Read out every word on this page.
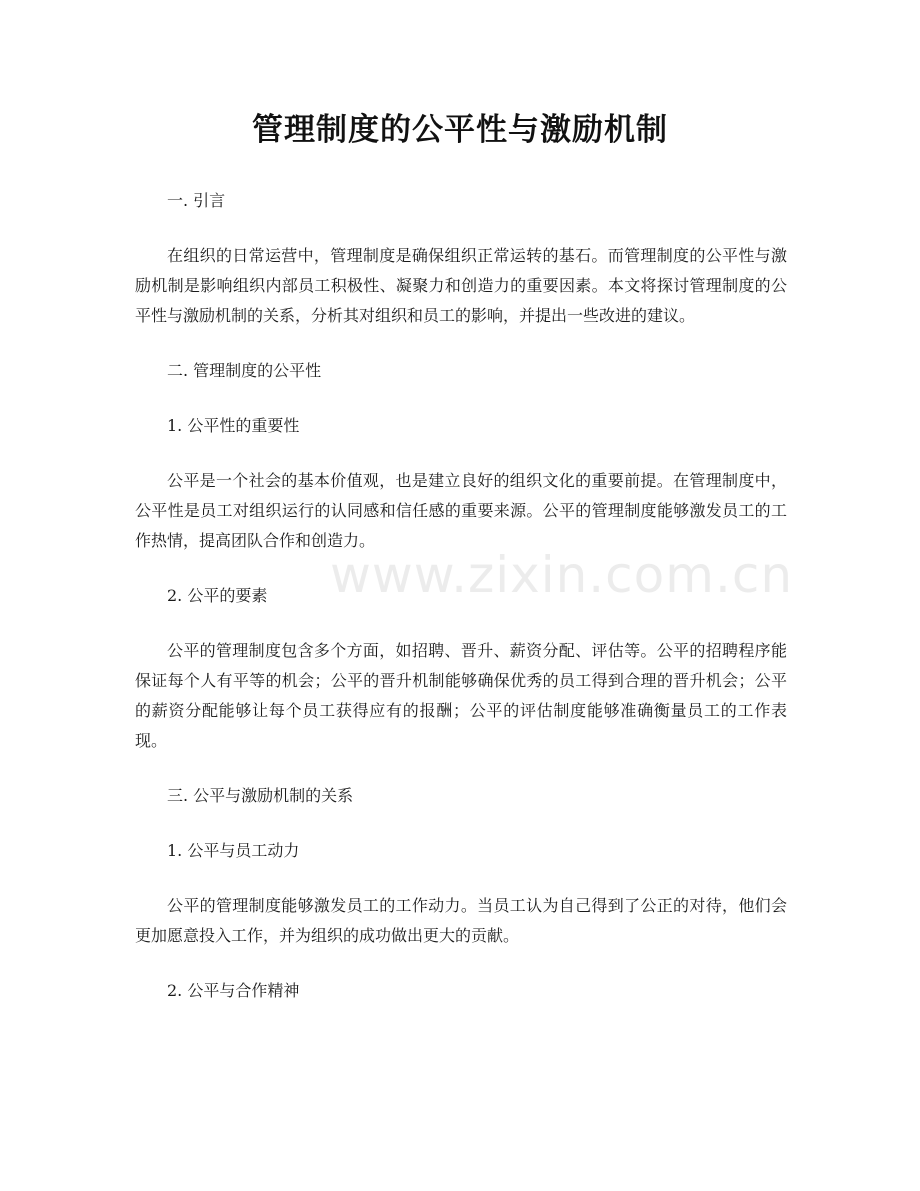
管理制度的公平性与激励机制
一. 引言

在组织的日常运营中，管理制度是确保组织正常运转的基石。而管理制度的公平性与激励机制是影响组织内部员工积极性、凝聚力和创造力的重要因素。本文将探讨管理制度的公平性与激励机制的关系，分析其对组织和员工的影响，并提出一些改进的建议。

二. 管理制度的公平性
1. 公平性的重要性

公平是一个社会的基本价值观，也是建立良好的组织文化的重要前提。在管理制度中，公平性是员工对组织运行的认同感和信任感的重要来源。公平的管理制度能够激发员工的工作热情，提高团队合作和创造力。

2. 公平的要素

公平的管理制度包含多个方面，如招聘、晋升、薪资分配、评估等。公平的招聘程序能保证每个人有平等的机会；公平的晋升机制能够确保优秀的员工得到合理的晋升机会；公平的薪资分配能够让每个员工获得应有的报酬；公平的评估制度能够准确衡量员工的工作表现。

三. 公平与激励机制的关系
1. 公平与员工动力

公平的管理制度能够激发员工的工作动力。当员工认为自己得到了公正的对待，他们会更加愿意投入工作，并为组织的成功做出更大的贡献。

2. 公平与合作精神
www.zixin.com.cn
